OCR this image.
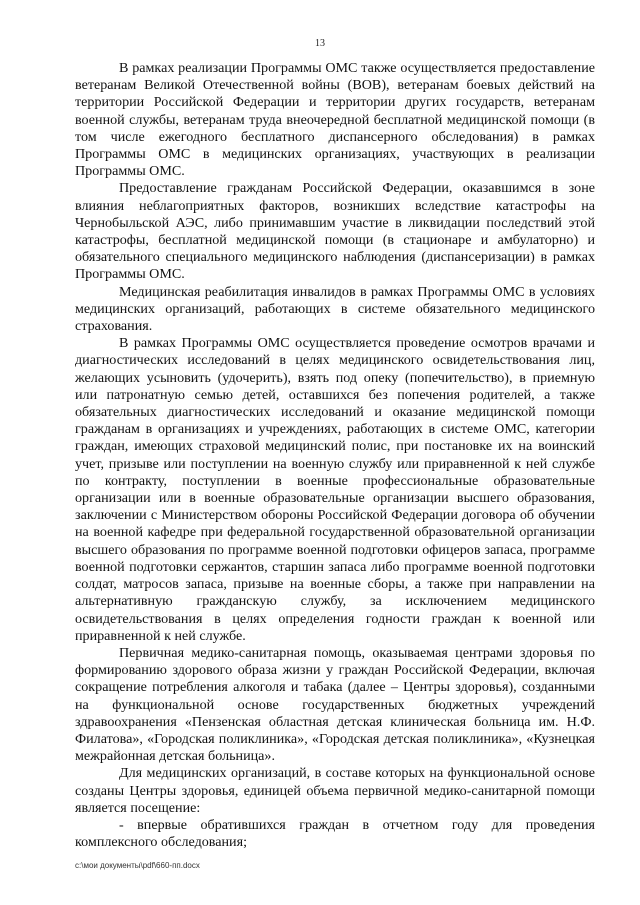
13

В рамках реализации Программы ОМС также осуществляется предоставление ветеранам Великой Отечественной войны (ВОВ), ветеранам боевых действий на территории Российской Федерации и территории других государств, ветеранам военной службы, ветеранам труда внеочередной бесплатной медицинской помощи (в том числе ежегодного бесплатного диспансерного обследования) в рамках Программы ОМС в медицинских организациях, участвующих в реализации Программы ОМС.

Предоставление гражданам Российской Федерации, оказавшимся в зоне влияния неблагоприятных факторов, возникших вследствие катастрофы на Чернобыльской АЭС, либо принимавшим участие в ликвидации последствий этой катастрофы, бесплатной медицинской помощи (в стационаре и амбулаторно) и обязательного специального медицинского наблюдения (диспансеризации) в рамках Программы ОМС.

Медицинская реабилитация инвалидов в рамках Программы ОМС в условиях медицинских организаций, работающих в системе обязательного медицинского страхования.

В рамках Программы ОМС осуществляется проведение осмотров врачами и диагностических исследований в целях медицинского освидетельствования лиц, желающих усыновить (удочерить), взять под опеку (попечительство), в приемную или патронатную семью детей, оставшихся без попечения родителей, а также обязательных диагностических исследований и оказание медицинской помощи гражданам в организациях и учреждениях, работающих в системе ОМС, категории граждан, имеющих страховой медицинский полис, при постановке их на воинский учет, призыве или поступлении на военную службу или приравненной к ней службе по контракту, поступлении в военные профессиональные образовательные организации или в военные образовательные организации высшего образования, заключении с Министерством обороны Российской Федерации договора об обучении на военной кафедре при федеральной государственной образовательной организации высшего образования по программе военной подготовки офицеров запаса, программе военной подготовки сержантов, старшин запаса либо программе военной подготовки солдат, матросов запаса, призыве на военные сборы, а также при направлении на альтернативную гражданскую службу, за исключением медицинского освидетельствования в целях определения годности граждан к военной или приравненной к ней службе.

Первичная медико-санитарная помощь, оказываемая центрами здоровья по формированию здорового образа жизни у граждан Российской Федерации, включая сокращение потребления алкоголя и табака (далее – Центры здоровья), созданными на функциональной основе государственных бюджетных учреждений здравоохранения «Пензенская областная детская клиническая больница им. Н.Ф. Филатова», «Городская поликлиника», «Городская детская поликлиника», «Кузнецкая межрайонная детская больница».

Для медицинских организаций, в составе которых на функциональной основе созданы Центры здоровья, единицей объема первичной медико-санитарной помощи является посещение:

- впервые обратившихся граждан в отчетном году для проведения комплексного обследования;

c:\мои документы\pdf\660-пп.docx
